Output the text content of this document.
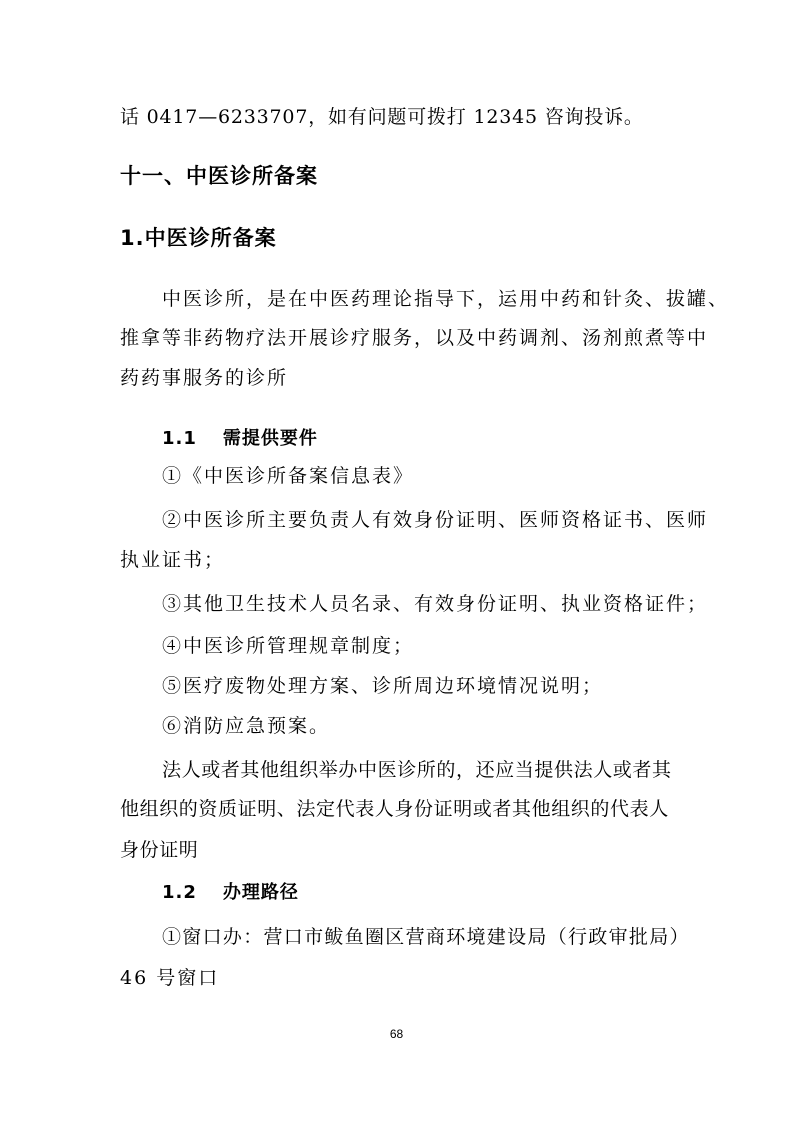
话 0417—6233707，如有问题可拨打 12345 咨询投诉。
十一、中医诊所备案
1.中医诊所备案
中医诊所，是在中医药理论指导下，运用中药和针灸、拔罐、
推拿等非药物疗法开展诊疗服务，以及中药调剂、汤剂煎煮等中
药药事服务的诊所
1.1 需提供要件
①《中医诊所备案信息表》
②中医诊所主要负责人有效身份证明、医师资格证书、医师
执业证书；
③其他卫生技术人员名录、有效身份证明、执业资格证件；
④中医诊所管理规章制度；
⑤医疗废物处理方案、诊所周边环境情况说明；
⑥消防应急预案。
法人或者其他组织举办中医诊所的，还应当提供法人或者其
他组织的资质证明、法定代表人身份证明或者其他组织的代表人
身份证明
1.2 办理路径
①窗口办：营口市鲅鱼圈区营商环境建设局（行政审批局）
46 号窗口
68
